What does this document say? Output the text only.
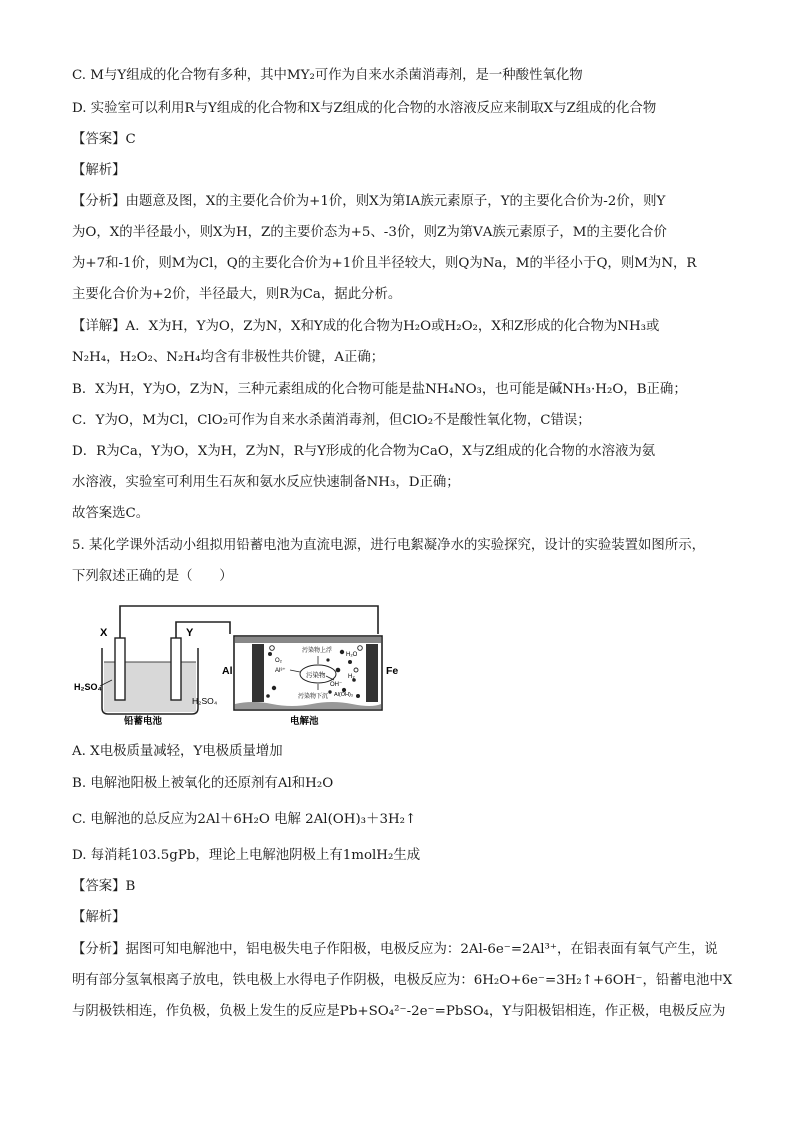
C. M与Y组成的化合物有多种，其中MY₂可作为自来水杀菌消毒剂，是一种酸性氧化物
D. 实验室可以利用R与Y组成的化合物和X与Z组成的化合物的水溶液反应来制取X与Z组成的化合物
【答案】C
【解析】
【分析】由题意及图，X的主要化合价为+1价，则X为第ⅠA族元素原子，Y的主要化合价为-2价，则Y
为O，X的半径最小，则X为H，Z的主要价态为+5、-3价，则Z为第ⅤA族元素原子，M的主要化合价
为+7和-1价，则M为Cl，Q的主要化合价为+1价且半径较大，则Q为Na，M的半径小于Q，则M为N，R
主要化合价为+2价，半径最大，则R为Ca，据此分析。
【详解】A．X为H，Y为O，Z为N，X和Y成的化合物为H₂O或H₂O₂，X和Z形成的化合物为NH₃或
N₂H₄，H₂O₂、N₂H₄均含有非极性共价键，A正确；
B．X为H，Y为O，Z为N，三种元素组成的化合物可能是盐NH₄NO₃，也可能是碱NH₃·H₂O，B正确；
C．Y为O，M为Cl，ClO₂可作为自来水杀菌消毒剂，但ClO₂不是酸性氧化物，C错误；
D．R为Ca，Y为O，X为H，Z为N，R与Y形成的化合物为CaO，X与Z组成的化合物的水溶液为氨
水溶液，实验室可利用生石灰和氨水反应快速制备NH₃，D正确；
故答案选C。
5. 某化学课外活动小组拟用铅蓄电池为直流电源，进行电絮凝净水的实验探究，设计的实验装置如图所示，
下列叙述正确的是（　　）
X	Y
H₂SO₄
H₂SO₄
铅蓄电池
Al	Fe
污染物
污染物上浮
污染物下沉
O₂
Al³⁺
H₂O
H₂
OH⁻
Al(OH)₃
电解池
A. X电极质量减轻，Y电极质量增加
B. 电解池阳极上被氧化的还原剂有Al和H₂O
C. 电解池的总反应为2Al＋6H₂O 电解 2Al(OH)₃＋3H₂↑
D. 每消耗103.5gPb，理论上电解池阴极上有1molH₂生成
【答案】B
【解析】
【分析】据图可知电解池中，铝电极失电子作阳极，电极反应为：2Al-6e⁻=2Al³⁺，在铝表面有氧气产生，说
明有部分氢氧根离子放电，铁电极上水得电子作阴极，电极反应为：6H₂O+6e⁻=3H₂↑+6OH⁻，铅蓄电池中X
与阴极铁相连，作负极，负极上发生的反应是Pb+SO₄²⁻-2e⁻=PbSO₄，Y与阳极铝相连，作正极，电极反应为
